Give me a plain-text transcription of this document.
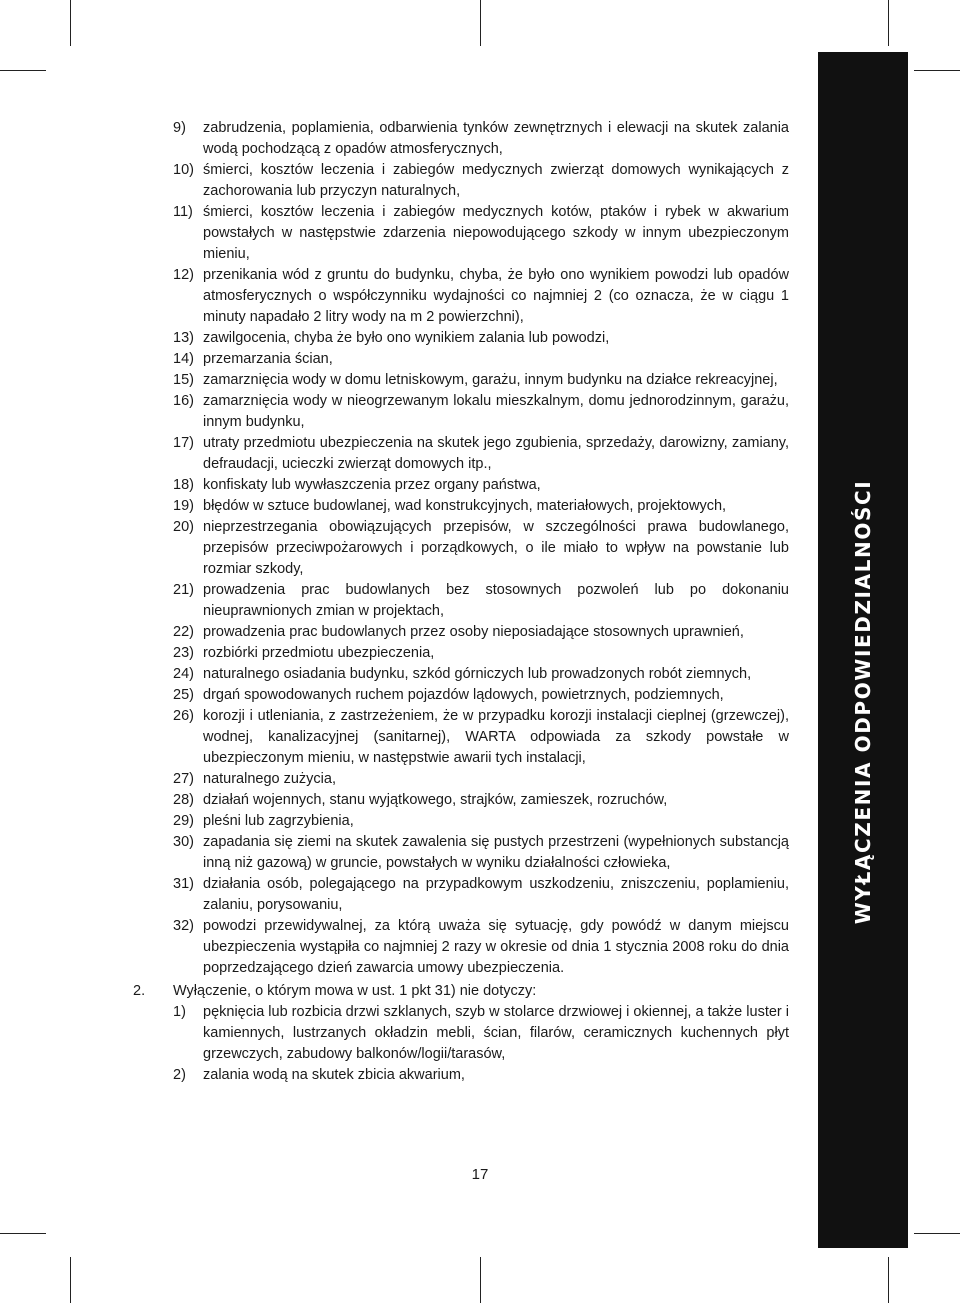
WYŁĄCZENIA ODPOWIEDZIALNOŚCI
9)	zabrudzenia, poplamienia, odbarwienia tynków zewnętrznych i elewacji na skutek zalania wodą pochodzącą z opadów atmosferycznych,
10) śmierci, kosztów leczenia i zabiegów medycznych zwierząt domowych wynikających z zachorowania lub przyczyn naturalnych,
11) śmierci, kosztów leczenia i zabiegów medycznych kotów, ptaków i rybek w akwarium powstałych w następstwie zdarzenia niepowodującego szkody w innym ubezpieczonym mieniu,
12) przenikania wód z gruntu do budynku, chyba, że było ono wynikiem powodzi lub opadów atmosferycznych o współczynniku wydajności co najmniej 2 (co oznacza, że w ciągu 1 minuty napadało 2 litry wody na m 2 powierzchni),
13) zawilgocenia, chyba że było ono wynikiem zalania lub powodzi,
14) przemarzania ścian,
15) zamarznięcia wody w domu letniskowym, garażu, innym budynku na działce rekreacyjnej,
16) zamarznięcia wody w nieogrzewanym lokalu mieszkalnym, domu jednorodzinnym, garażu, innym budynku,
17) utraty przedmiotu ubezpieczenia na skutek jego zgubienia, sprzedaży, darowizny, zamiany, defraudacji, ucieczki zwierząt domowych itp.,
18) konfiskaty lub wywłaszczenia przez organy państwa,
19) błędów w sztuce budowlanej, wad konstrukcyjnych, materiałowych, projektowych,
20) nieprzestrzegania obowiązujących przepisów, w szczególności prawa budowlanego, przepisów przeciwpożarowych i porządkowych, o ile miało to wpływ na powstanie lub rozmiar szkody,
21) prowadzenia prac budowlanych bez stosownych pozwoleń lub po dokonaniu nieuprawnionych zmian w projektach,
22) prowadzenia prac budowlanych przez osoby nieposiadające stosownych uprawnień,
23) rozbiórki przedmiotu ubezpieczenia,
24) naturalnego osiadania budynku, szkód górniczych lub prowadzonych robót ziemnych,
25) drgań spowodowanych ruchem pojazdów lądowych, powietrznych, podziemnych,
26) korozji i utleniania, z zastrzeżeniem, że w przypadku korozji instalacji cieplnej (grzewczej), wodnej, kanalizacyjnej (sanitarnej), WARTA odpowiada za szkody powstałe w ubezpieczonym mieniu, w następstwie awarii tych instalacji,
27) naturalnego zużycia,
28) działań wojennych, stanu wyjątkowego, strajków, zamieszek, rozruchów,
29) pleśni lub zagrzybienia,
30) zapadania się ziemi na skutek zawalenia się pustych przestrzeni (wypełnionych substancją inną niż gazową) w gruncie, powstałych w wyniku działalności człowieka,
31) działania osób, polegającego na przypadkowym uszkodzeniu, zniszczeniu, poplamieniu, zalaniu, porysowaniu,
32) powodzi przewidywalnej, za którą uważa się sytuację, gdy powódź w danym miejscu ubezpieczenia wystąpiła co najmniej 2 razy w okresie od dnia 1 stycznia 2008 roku do dnia poprzedzającego dzień zawarcia umowy ubezpieczenia.
2.	Wyłączenie, o którym mowa w ust. 1 pkt 31) nie dotyczy:
1)	pęknięcia lub rozbicia drzwi szklanych, szyb w stolarce drzwiowej i okiennej, a także luster i kamiennych, lustrzanych okładzin mebli, ścian, filarów, ceramicznych kuchennych płyt grzewczych, zabudowy balkonów/logii/tarasów,
2)	zalania wodą na skutek zbicia akwarium,
17
